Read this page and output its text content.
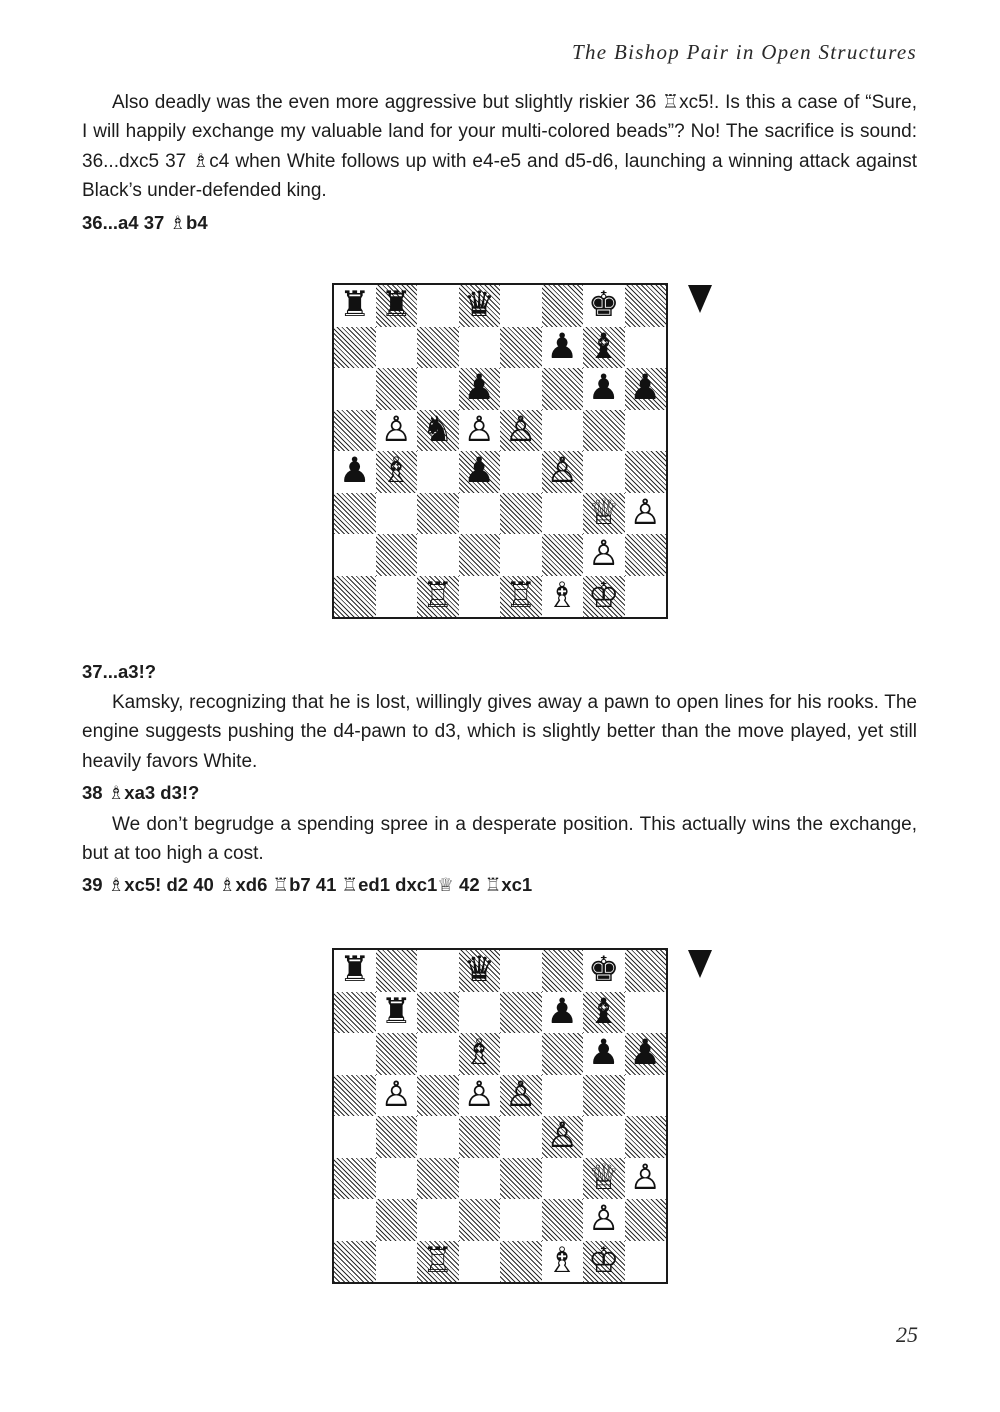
The Bishop Pair in Open Structures

Also deadly was the even more aggressive but slightly riskier 36 ♖xc5!. Is this a case of “Sure, I will happily exchange my valuable land for your multi-colored beads”? No! The sacrifice is sound: 36...dxc5 37 ♗c4 when White follows up with e4-e5 and d5-d6, launching a winning attack against Black’s under-defended king.

36...a4 37 ♗b4

♜ ♜ ♛	♚
♟ ♝
♟	♟ ♟
♙ ♞ ♙ ♙
♟ ♗ ♟ ♙
♕ ♙
♙
♖ ♖ ♗ ♔

37...a3!?

Kamsky, recognizing that he is lost, willingly gives away a pawn to open lines for his rooks. The engine suggests pushing the d4-pawn to d3, which is slightly better than the move played, yet still heavily favors White.

38 ♗xa3 d3!?

We don’t begrudge a spending spree in a desperate position. This actually wins the exchange, but at too high a cost.

39 ♗xc5! d2 40 ♗xd6 ♖b7 41 ♖ed1 dxc1♕ 42 ♖xc1

♜	♛	♚
♜	♟ ♝
♗	♟ ♟
♙ ♙ ♙
♙
♕ ♙
♙
♖	♗ ♔
25
